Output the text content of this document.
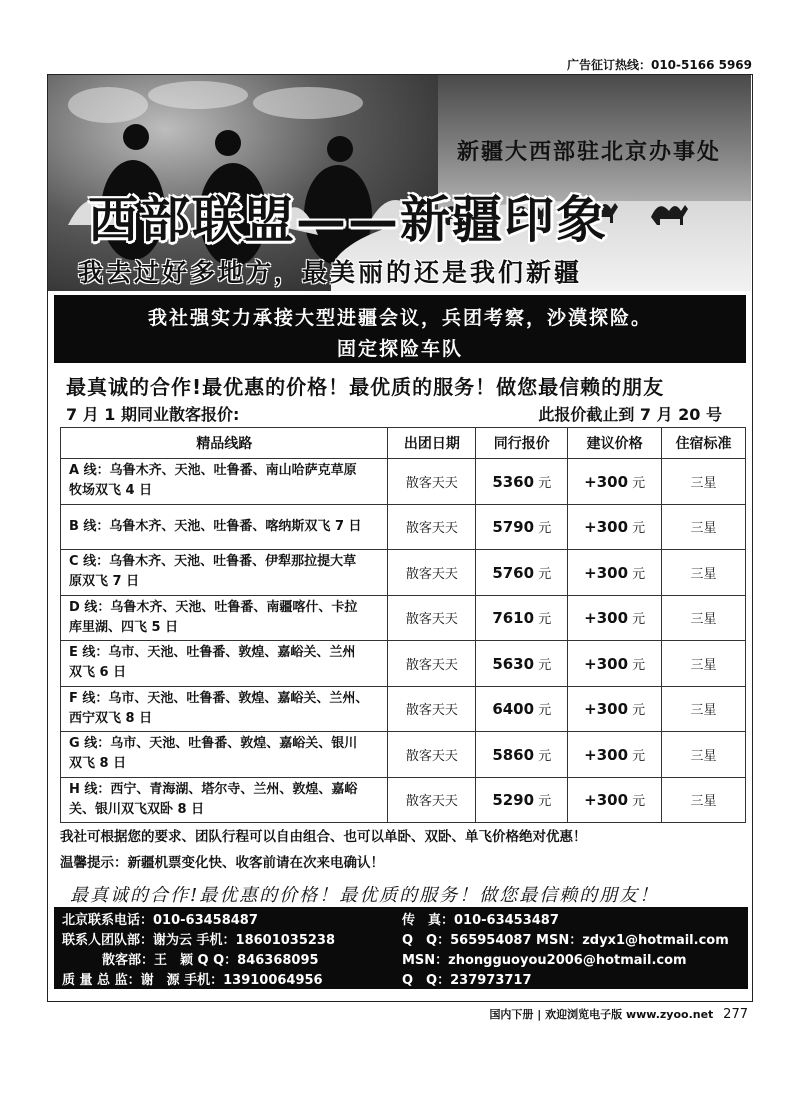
广告征订热线：010-5166 5969
新疆大西部驻北京办事处
西部联盟——新疆印象
我去过好多地方，最美丽的还是我们新疆
我社强实力承接大型进疆会议，兵团考察，沙漠探险。
固定探险车队
最真诚的合作!最优惠的价格！最优质的服务！做您最信赖的朋友
7 月 1 期同业散客报价:	此报价截止到 7 月 20 号
精品线路	出团日期	同行报价	建议价格	住宿标准
A 线：乌鲁木齐、天池、吐鲁番、南山哈萨克草原
牧场双飞 4 日	散客天天	5360 元	+300 元	三星
B 线：乌鲁木齐、天池、吐鲁番、喀纳斯双飞 7 日	散客天天	5790 元	+300 元	三星
C 线：乌鲁木齐、天池、吐鲁番、伊犁那拉提大草
原双飞 7 日	散客天天	5760 元	+300 元	三星
D 线：乌鲁木齐、天池、吐鲁番、南疆喀什、卡拉
库里湖、四飞 5 日	散客天天	7610 元	+300 元	三星
E 线：乌市、天池、吐鲁番、敦煌、嘉峪关、兰州
双飞 6 日	散客天天	5630 元	+300 元	三星
F 线：乌市、天池、吐鲁番、敦煌、嘉峪关、兰州、
西宁双飞 8 日	散客天天	6400 元	+300 元	三星
G 线：乌市、天池、吐鲁番、敦煌、嘉峪关、银川
双飞 8 日	散客天天	5860 元	+300 元	三星
H 线：西宁、青海湖、塔尔寺、兰州、敦煌、嘉峪
关、银川双飞双卧 8 日	散客天天	5290 元	+300 元	三星
我社可根据您的要求、团队行程可以自由组合、也可以单卧、双卧、单飞价格绝对优惠！
温馨提示：新疆机票变化快、收客前请在次来电确认！
最真诚的合作!最优惠的价格！最优质的服务！做您最信赖的朋友！
北京联系电话：010-63458487
联系人团队部：谢为云 手机：18601035238
散客部：王　颖 Q Q：846368095
质 量 总 监：谢　源 手机：13910064956
传　真：010-63453487
Q　Q：565954087 MSN：zdyx1@hotmail.com
MSN：zhongguoyou2006@hotmail.com
Q　Q：237973717
国内下册 | 欢迎浏览电子版 www.zyoo.net 277
